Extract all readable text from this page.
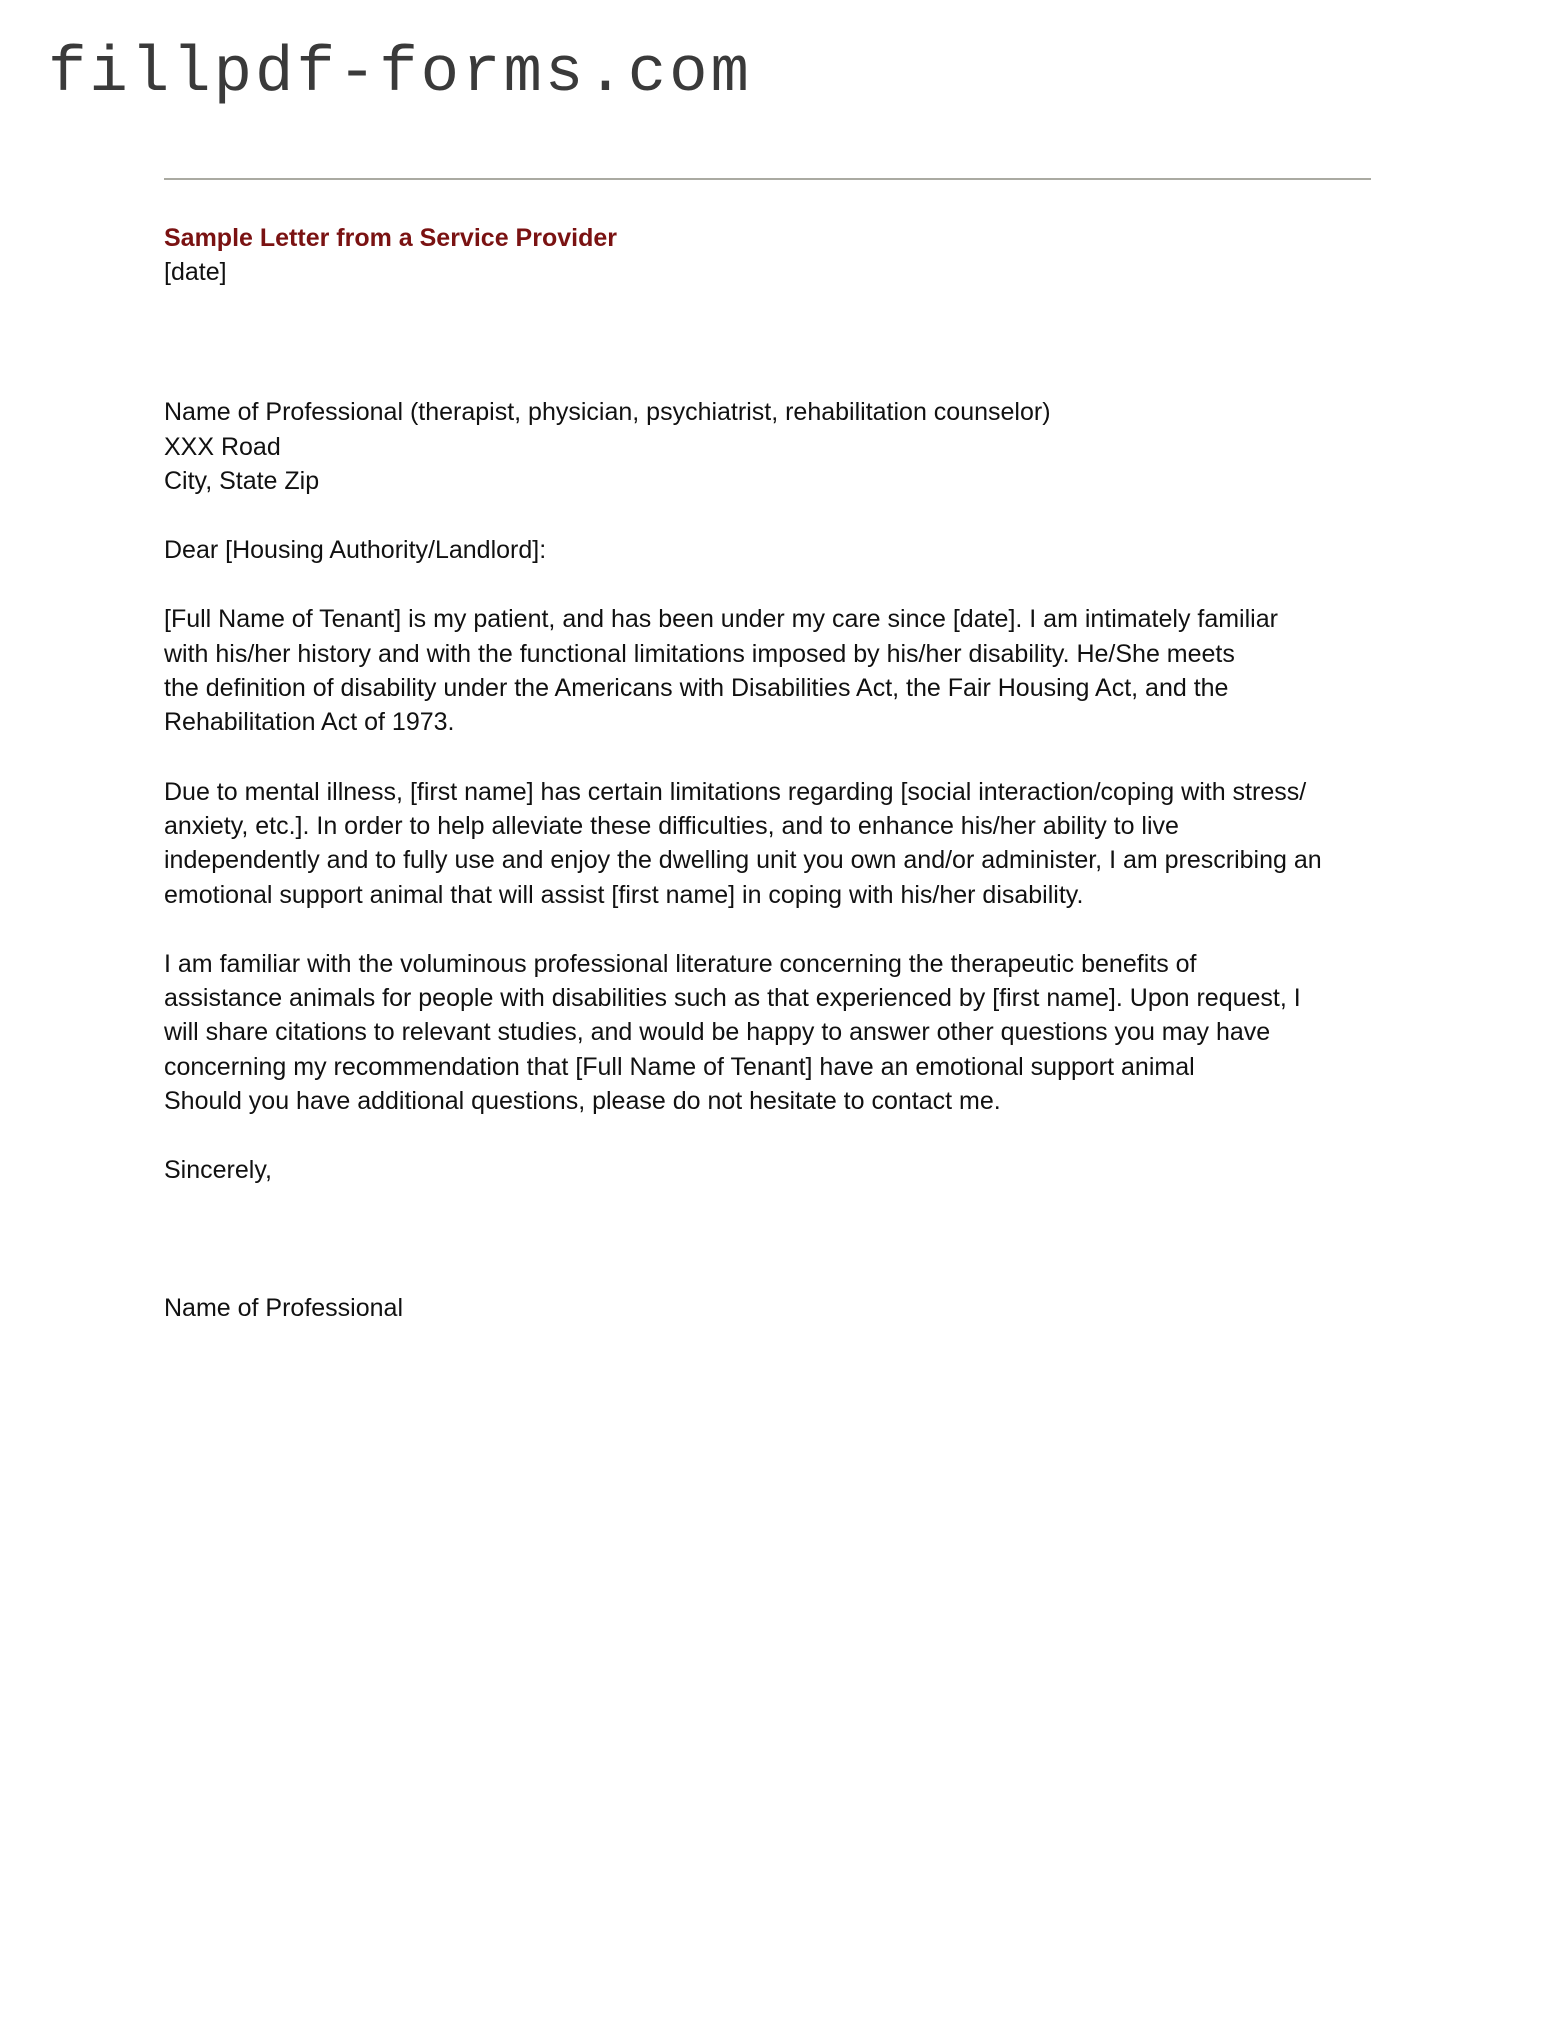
fillpdf-forms.com

Sample Letter from a Service Provider

[date]

Name of Professional (therapist, physician, psychiatrist, rehabilitation counselor)
XXX Road
City, State Zip

Dear [Housing Authority/Landlord]:

[Full Name of Tenant] is my patient, and has been under my care since [date]. I am intimately familiar
with his/her history and with the functional limitations imposed by his/her disability. He/She meets
the definition of disability under the Americans with Disabilities Act, the Fair Housing Act, and the
Rehabilitation Act of 1973.

Due to mental illness, [first name] has certain limitations regarding [social interaction/coping with stress/
anxiety, etc.]. In order to help alleviate these difficulties, and to enhance his/her ability to live
independently and to fully use and enjoy the dwelling unit you own and/or administer, I am prescribing an
emotional support animal that will assist [first name] in coping with his/her disability.

I am familiar with the voluminous professional literature concerning the therapeutic benefits of
assistance animals for people with disabilities such as that experienced by [first name]. Upon request, I
will share citations to relevant studies, and would be happy to answer other questions you may have
concerning my recommendation that [Full Name of Tenant] have an emotional support animal
Should you have additional questions, please do not hesitate to contact me.

Sincerely,

Name of Professional
